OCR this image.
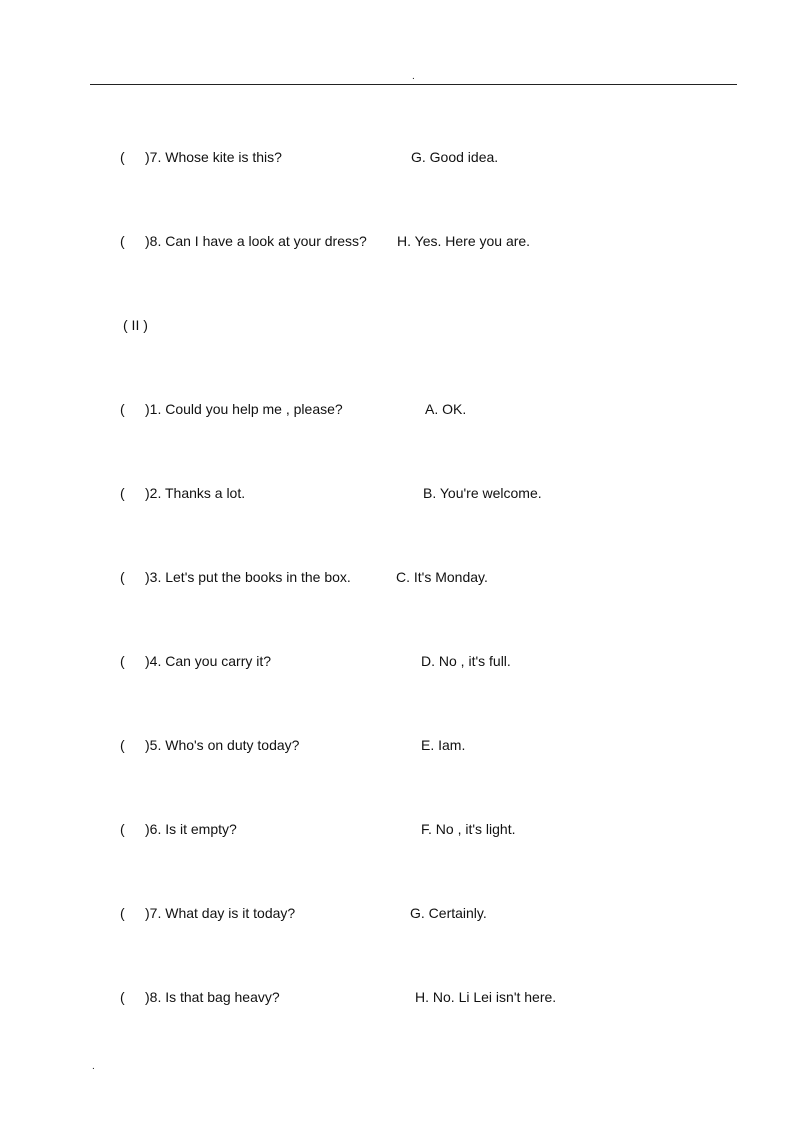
.
( )7. Whose kite is this?	G. Good idea.
( )8. Can I have a look at your dress? H. Yes. Here you are.
( II )
( )1. Could you help me , please?	A. OK.
( )2. Thanks a lot.	B. You're welcome.
( )3. Let's put the books in the box.	C. It's Monday.
( )4. Can you carry it?	D. No , it's full.
( )5. Who's on duty today?	E. Iam.
( )6. Is it empty?	F. No , it's light.
( )7. What day is it today?	G. Certainly.
( )8. Is that bag heavy?	H. No. Li Lei isn't here.
.
